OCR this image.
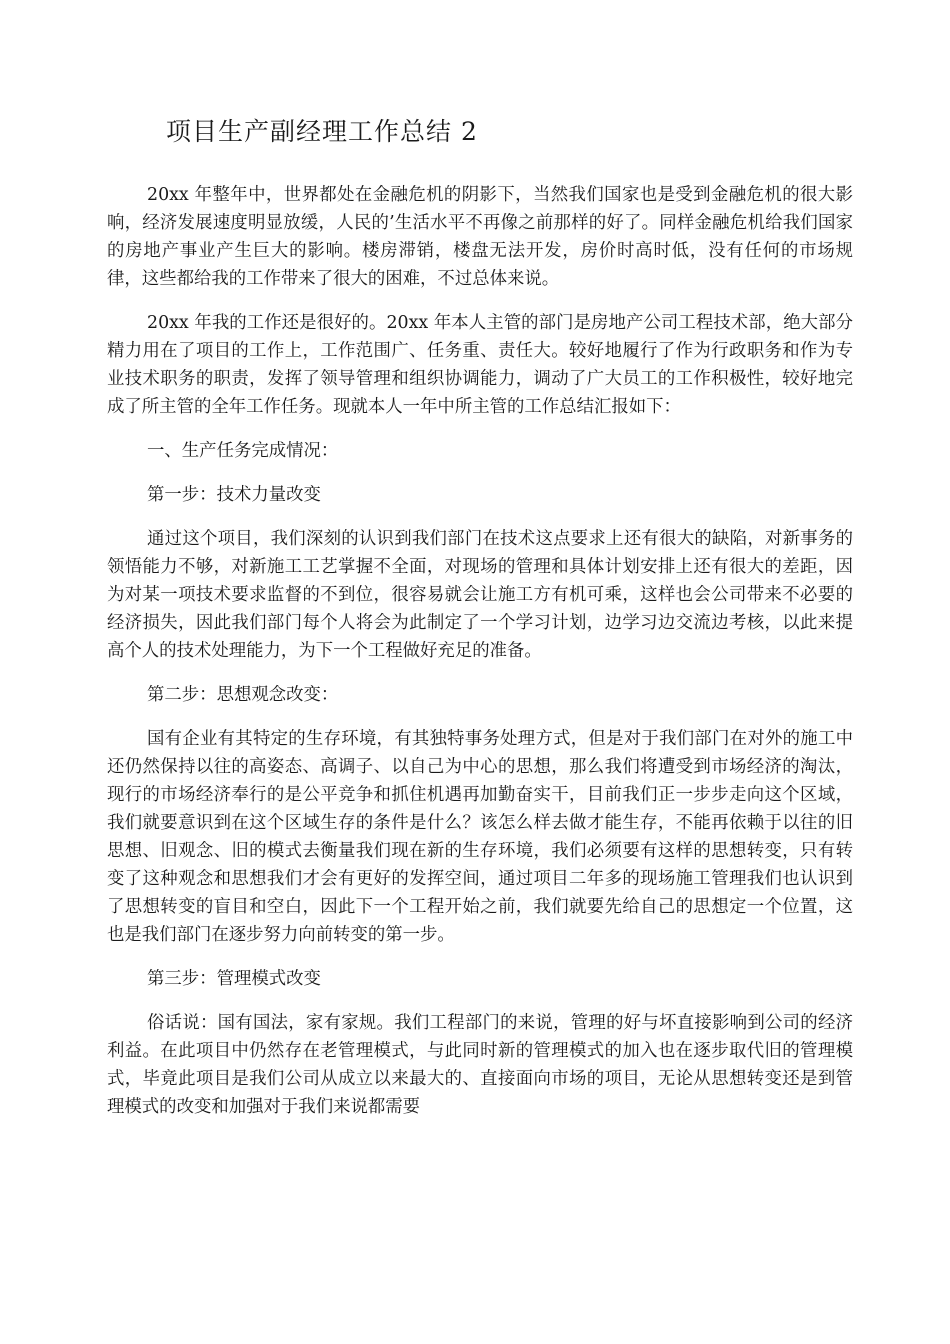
项目生产副经理工作总结 2

20xx 年整年中，世界都处在金融危机的阴影下，当然我们国家也是受到金融危机的很大影响，经济发展速度明显放缓，人民的’生活水平不再像之前那样的好了。同样金融危机给我们国家的房地产事业产生巨大的影响。楼房滞销，楼盘无法开发，房价时高时低，没有任何的市场规律，这些都给我的工作带来了很大的困难，不过总体来说。

20xx 年我的工作还是很好的。20xx 年本人主管的部门是房地产公司工程技术部，绝大部分精力用在了项目的工作上，工作范围广、任务重、责任大。较好地履行了作为行政职务和作为专业技术职务的职责，发挥了领导管理和组织协调能力，调动了广大员工的工作积极性，较好地完成了所主管的全年工作任务。现就本人一年中所主管的工作总结汇报如下：

一、生产任务完成情况：

第一步：技术力量改变

通过这个项目，我们深刻的认识到我们部门在技术这点要求上还有很大的缺陷，对新事务的领悟能力不够，对新施工工艺掌握不全面，对现场的管理和具体计划安排上还有很大的差距，因为对某一项技术要求监督的不到位，很容易就会让施工方有机可乘，这样也会公司带来不必要的经济损失，因此我们部门每个人将会为此制定了一个学习计划，边学习边交流边考核，以此来提高个人的技术处理能力，为下一个工程做好充足的准备。

第二步：思想观念改变：

国有企业有其特定的生存环境，有其独特事务处理方式，但是对于我们部门在对外的施工中还仍然保持以往的高姿态、高调子、以自己为中心的思想，那么我们将遭受到市场经济的淘汰，现行的市场经济奉行的是公平竞争和抓住机遇再加勤奋实干，目前我们正一步步走向这个区域，我们就要意识到在这个区域生存的条件是什么？该怎么样去做才能生存，不能再依赖于以往的旧思想、旧观念、旧的模式去衡量我们现在新的生存环境，我们必须要有这样的思想转变，只有转变了这种观念和思想我们才会有更好的发挥空间，通过项目二年多的现场施工管理我们也认识到了思想转变的盲目和空白，因此下一个工程开始之前，我们就要先给自己的思想定一个位置，这也是我们部门在逐步努力向前转变的第一步。

第三步：管理模式改变

俗话说：国有国法，家有家规。我们工程部门的来说，管理的好与坏直接影响到公司的经济利益。在此项目中仍然存在老管理模式，与此同时新的管理模式的加入也在逐步取代旧的管理模式，毕竟此项目是我们公司从成立以来最大的、直接面向市场的项目，无论从思想转变还是到管理模式的改变和加强对于我们来说都需要
